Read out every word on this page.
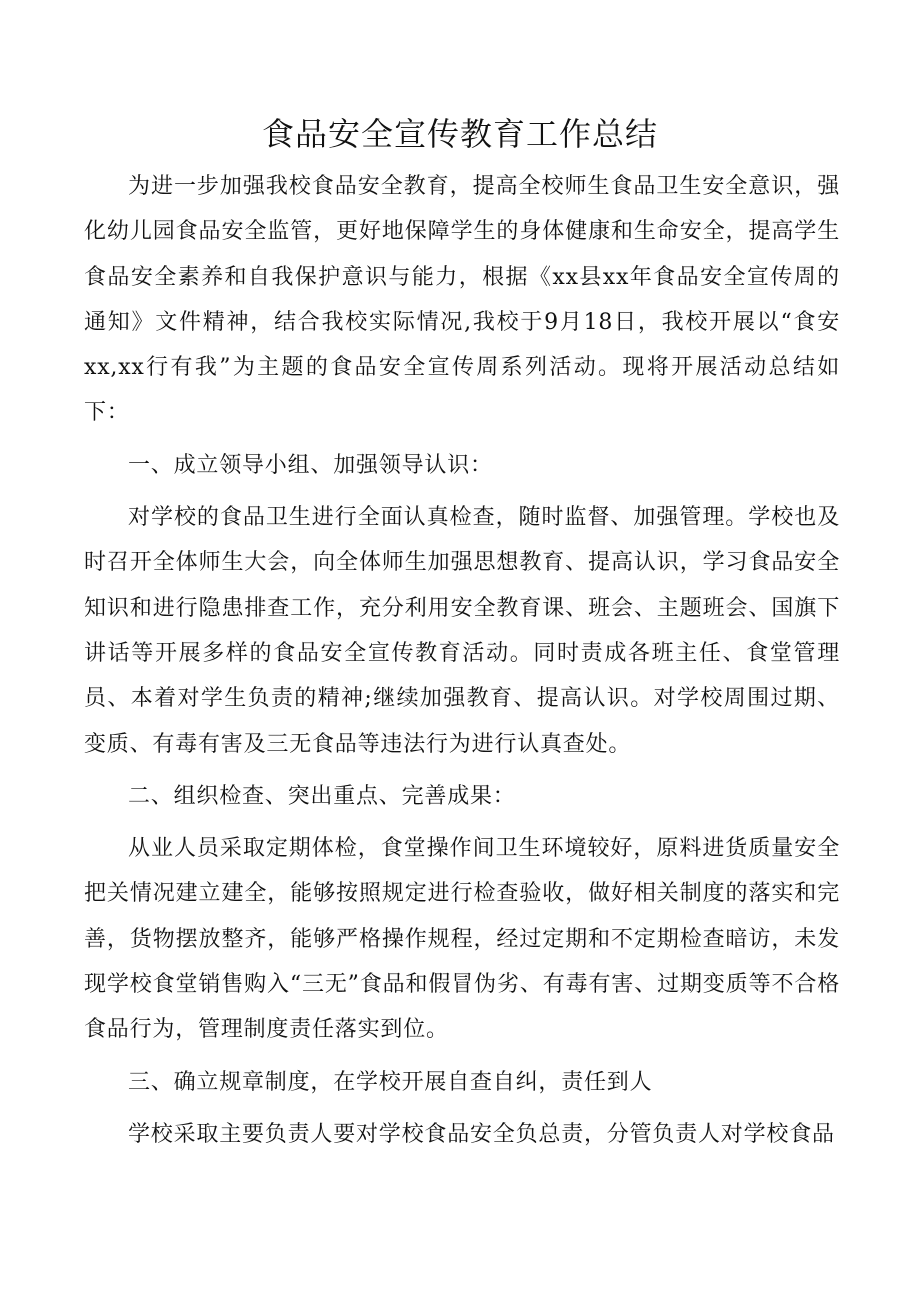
食品安全宣传教育工作总结

为进一步加强我校食品安全教育，提高全校师生食品卫生安全意识，强化幼儿园食品安全监管，更好地保障学生的身体健康和生命安全，提高学生食品安全素养和自我保护意识与能力，根据《xx县xx年食品安全宣传周的通知》文件精神，结合我校实际情况,我校于9月18日，我校开展以“食安xx,xx行有我”为主题的食品安全宣传周系列活动。现将开展活动总结如下：

一、成立领导小组、加强领导认识：

对学校的食品卫生进行全面认真检查，随时监督、加强管理。学校也及时召开全体师生大会，向全体师生加强思想教育、提高认识，学习食品安全知识和进行隐患排查工作，充分利用安全教育课、班会、主题班会、国旗下讲话等开展多样的食品安全宣传教育活动。同时责成各班主任、食堂管理员、本着对学生负责的精神;继续加强教育、提高认识。对学校周围过期、变质、有毒有害及三无食品等违法行为进行认真查处。

二、组织检查、突出重点、完善成果：

从业人员采取定期体检，食堂操作间卫生环境较好，原料进货质量安全把关情况建立建全，能够按照规定进行检查验收，做好相关制度的落实和完善，货物摆放整齐，能够严格操作规程，经过定期和不定期检查暗访，未发现学校食堂销售购入“三无”食品和假冒伪劣、有毒有害、过期变质等不合格食品行为，管理制度责任落实到位。

三、确立规章制度，在学校开展自查自纠，责任到人

学校采取主要负责人要对学校食品安全负总责，分管负责人对学校食品
